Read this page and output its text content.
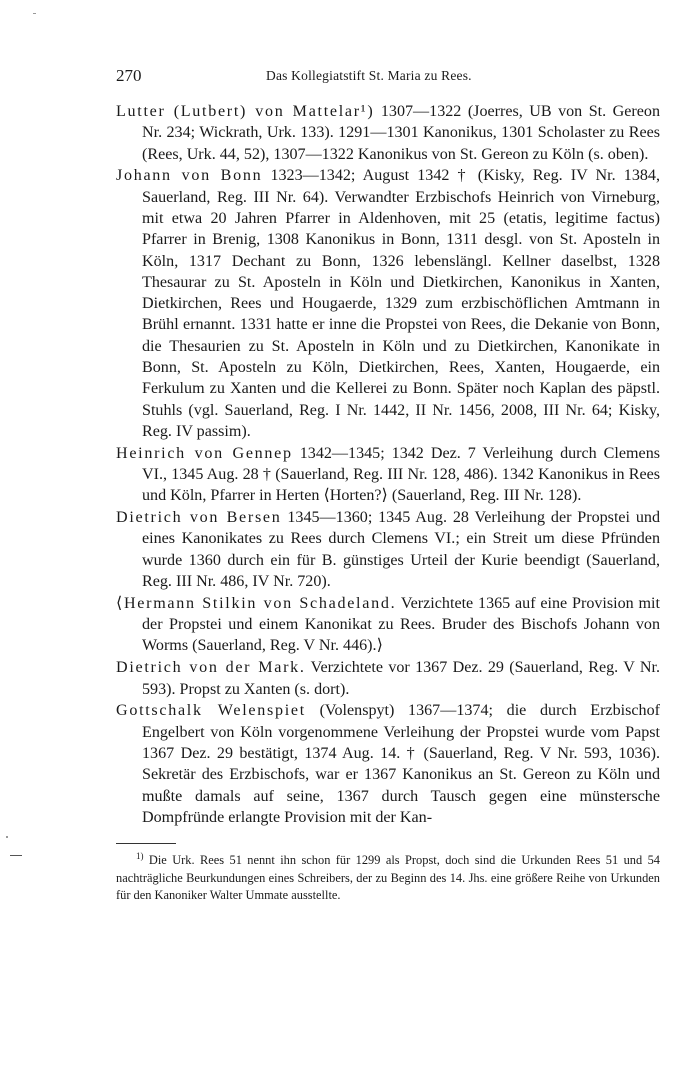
270	Das Kollegiatstift St. Maria zu Rees.

Lutter (Lutbert) von Mattelar¹) 1307—1322 (Joerres, UB von St. Gereon Nr. 234; Wickrath, Urk. 133). 1291—1301 Kanonikus, 1301 Scholaster zu Rees (Rees, Urk. 44, 52), 1307—1322 Kanonikus von St. Gereon zu Köln (s. oben).

Johann von Bonn 1323—1342; August 1342 † (Kisky, Reg. IV Nr. 1384, Sauerland, Reg. III Nr. 64). Verwandter Erzbischofs Heinrich von Virneburg, mit etwa 20 Jahren Pfarrer in Aldenhoven, mit 25 (etatis, legitime factus) Pfarrer in Brenig, 1308 Kanonikus in Bonn, 1311 desgl. von St. Aposteln in Köln, 1317 Dechant zu Bonn, 1326 lebenslängl. Kellner daselbst, 1328 Thesaurar zu St. Aposteln in Köln und Dietkirchen, Kanonikus in Xanten, Dietkirchen, Rees und Hougaerde, 1329 zum erzbischöflichen Amtmann in Brühl ernannt. 1331 hatte er inne die Propstei von Rees, die Dekanie von Bonn, die Thesaurien zu St. Aposteln in Köln und zu Dietkirchen, Kanonikate in Bonn, St. Aposteln zu Köln, Dietkirchen, Rees, Xanten, Hougaerde, ein Ferkulum zu Xanten und die Kellerei zu Bonn. Später noch Kaplan des päpstl. Stuhls (vgl. Sauerland, Reg. I Nr. 1442, II Nr. 1456, 2008, III Nr. 64; Kisky, Reg. IV passim).

Heinrich von Gennep 1342—1345; 1342 Dez. 7 Verleihung durch Clemens VI., 1345 Aug. 28 † (Sauerland, Reg. III Nr. 128, 486). 1342 Kanonikus in Rees und Köln, Pfarrer in Herten ⟨Horten?⟩ (Sauerland, Reg. III Nr. 128).

Dietrich von Bersen 1345—1360; 1345 Aug. 28 Verleihung der Propstei und eines Kanonikates zu Rees durch Clemens VI.; ein Streit um diese Pfründen wurde 1360 durch ein für B. günstiges Urteil der Kurie beendigt (Sauerland, Reg. III Nr. 486, IV Nr. 720).

⟨Hermann Stilkin von Schadeland. Verzichtete 1365 auf eine Provision mit der Propstei und einem Kanonikat zu Rees. Bruder des Bischofs Johann von Worms (Sauerland, Reg. V Nr. 446).⟩

Dietrich von der Mark. Verzichtete vor 1367 Dez. 29 (Sauerland, Reg. V Nr. 593). Propst zu Xanten (s. dort).

Gottschalk Welenspiet (Volenspyt) 1367—1374; die durch Erzbischof Engelbert von Köln vorgenommene Verleihung der Propstei wurde vom Papst 1367 Dez. 29 bestätigt, 1374 Aug. 14. † (Sauerland, Reg. V Nr. 593, 1036). Sekretär des Erzbischofs, war er 1367 Kanonikus an St. Gereon zu Köln und mußte damals auf seine, 1367 durch Tausch gegen eine münstersche Dompfründe erlangte Provision mit der Kan-

$^{1)}$ Die Urk. Rees 51 nennt ihn schon für 1299 als Propst, doch sind die Urkunden Rees 51 und 54 nachträgliche Beurkundungen eines Schreibers, der zu Beginn des 14. Jhs. eine größere Reihe von Urkunden für den Kanoniker Walter Ummate ausstellte.
